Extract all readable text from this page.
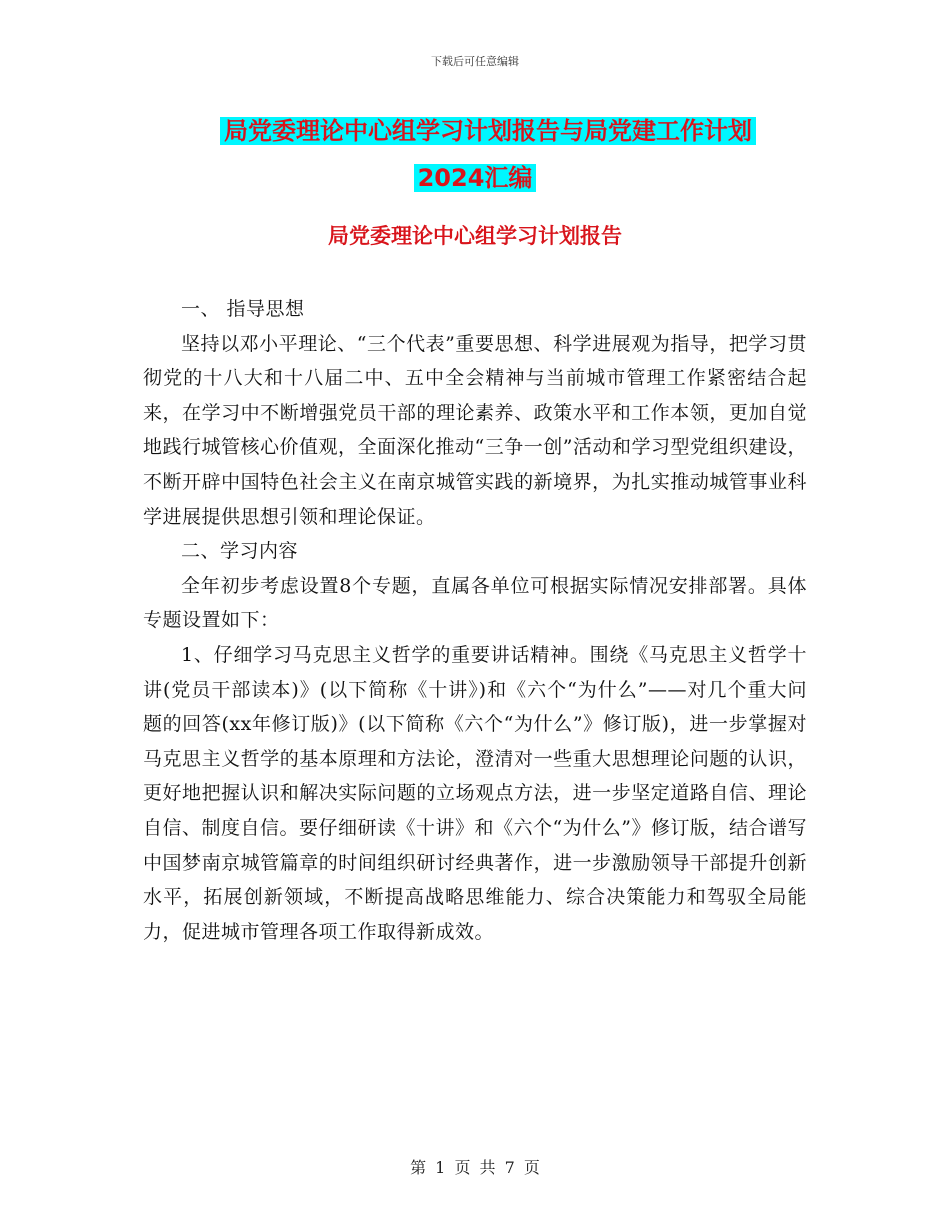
下载后可任意编辑
局党委理论中心组学习计划报告与局党建工作计划
2024汇编
局党委理论中心组学习计划报告

一、 指导思想

坚持以邓小平理论、“三个代表”重要思想、科学进展观为指导，把学习贯彻党的十八大和十八届二中、五中全会精神与当前城市管理工作紧密结合起来，在学习中不断增强党员干部的理论素养、政策水平和工作本领，更加自觉地践行城管核心价值观，全面深化推动“三争一创”活动和学习型党组织建设，不断开辟中国特色社会主义在南京城管实践的新境界，为扎实推动城管事业科学进展提供思想引领和理论保证。

二、学习内容

全年初步考虑设置8个专题，直属各单位可根据实际情况安排部署。具体专题设置如下：

1、仔细学习马克思主义哲学的重要讲话精神。围绕《马克思主义哲学十讲(党员干部读本)》(以下简称《十讲》)和《六个“为什么”——对几个重大问题的回答(xx年修订版)》(以下简称《六个“为什么”》修订版)，进一步掌握对马克思主义哲学的基本原理和方法论，澄清对一些重大思想理论问题的认识，更好地把握认识和解决实际问题的立场观点方法，进一步坚定道路自信、理论自信、制度自信。要仔细研读《十讲》和《六个“为什么”》修订版，结合谱写中国梦南京城管篇章的时间组织研讨经典著作，进一步激励领导干部提升创新水平，拓展创新领域，不断提高战略思维能力、综合决策能力和驾驭全局能力，促进城市管理各项工作取得新成效。

第 1 页 共 7 页
